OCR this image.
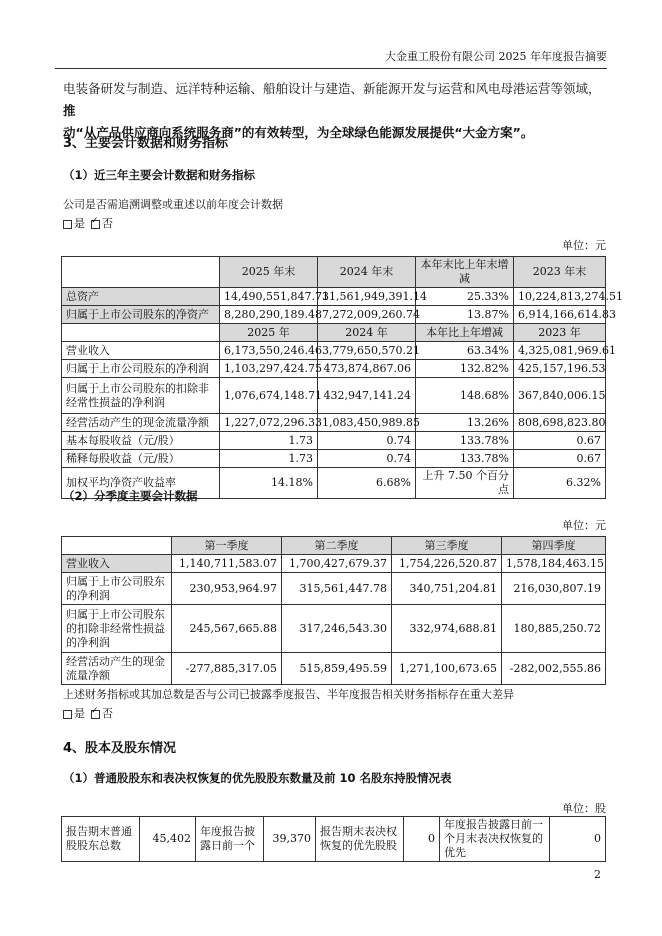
大金重工股份有限公司 2025 年年度报告摘要
电装备研发与制造、远洋特种运输、船舶设计与建造、新能源开发与运营和风电母港运营等领域，推
动“从产品供应商向系统服务商”的有效转型，为全球绿色能源发展提供“大金方案”。
3、主要会计数据和财务指标
（1）近三年主要会计数据和财务指标
公司是否需追溯调整或重述以前年度会计数据
是 ✓ 否
单位：元
	2025 年末	2024 年末	本年末比上年末增减	2023 年末
总资产	14,490,551,847.73	11,561,949,391.14	25.33%	10,224,813,274.51
归属于上市公司股东的净资产	8,280,290,189.48	7,272,009,260.74	13.87%	6,914,166,614.83
	2025 年	2024 年	本年比上年增减	2023 年
营业收入	6,173,550,246.46	3,779,650,570.21	63.34%	4,325,081,969.61
归属于上市公司股东的净利润	1,103,297,424.75	473,874,867.06	132.82%	425,157,196.53
归属于上市公司股东的扣除非经常性损益的净利润	1,076,674,148.71	432,947,141.24	148.68%	367,840,006.15
经营活动产生的现金流量净额	1,227,072,296.33	1,083,450,989.85	13.26%	808,698,823.80
基本每股收益（元/股）	1.73	0.74	133.78%	0.67
稀释每股收益（元/股）	1.73	0.74	133.78%	0.67
加权平均净资产收益率	14.18%	6.68%	上升 7.50 个百分点	6.32%
（2）分季度主要会计数据
单位：元
	第一季度	第二季度	第三季度	第四季度
营业收入	1,140,711,583.07	1,700,427,679.37	1,754,226,520.87	1,578,184,463.15
归属于上市公司股东的净利润	230,953,964.97	315,561,447.78	340,751,204.81	216,030,807.19
归属于上市公司股东的扣除非经常性损益的净利润	245,567,665.88	317,246,543.30	332,974,688.81	180,885,250.72
经营活动产生的现金流量净额	-277,885,317.05	515,859,495.59	1,271,100,673.65	-282,002,555.86
上述财务指标或其加总数是否与公司已披露季度报告、半年度报告相关财务指标存在重大差异
是 ✓ 否
4、股本及股东情况
（1）普通股股东和表决权恢复的优先股股东数量及前 10 名股东持股情况表
单位：股
报告期末普通股股东总数	45,402	年度报告披露日前一个	39,370	报告期末表决权恢复的优先股股	0	年度报告披露日前一个月末表决权恢复的优先	0
2
